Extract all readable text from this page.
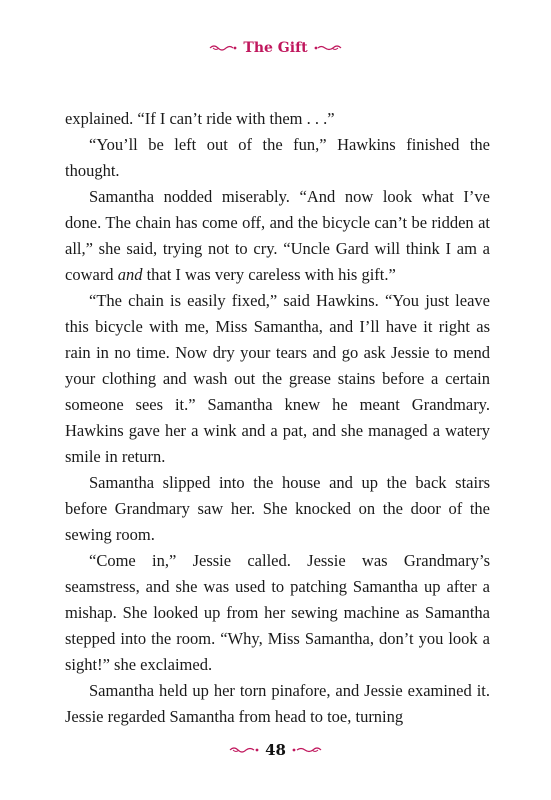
The Gift

explained. “If I can’t ride with them . . .”

“You’ll be left out of the fun,” Hawkins finished the thought.

Samantha nodded miserably. “And now look what I’ve done. The chain has come off, and the bicycle can’t be ridden at all,” she said, trying not to cry. “Uncle Gard will think I am a coward and that I was very careless with his gift.”

“The chain is easily fixed,” said Hawkins. “You just leave this bicycle with me, Miss Samantha, and I’ll have it right as rain in no time. Now dry your tears and go ask Jessie to mend your clothing and wash out the grease stains before a certain someone sees it.” Samantha knew he meant Grandmary. Hawkins gave her a wink and a pat, and she managed a watery smile in return.

Samantha slipped into the house and up the back stairs before Grandmary saw her. She knocked on the door of the sewing room.

“Come in,” Jessie called. Jessie was Grandmary’s seamstress, and she was used to patching Samantha up after a mishap. She looked up from her sewing machine as Samantha stepped into the room. “Why, Miss Samantha, don’t you look a sight!” she exclaimed.

Samantha held up her torn pinafore, and Jessie examined it. Jessie regarded Samantha from head to toe, turning

48
